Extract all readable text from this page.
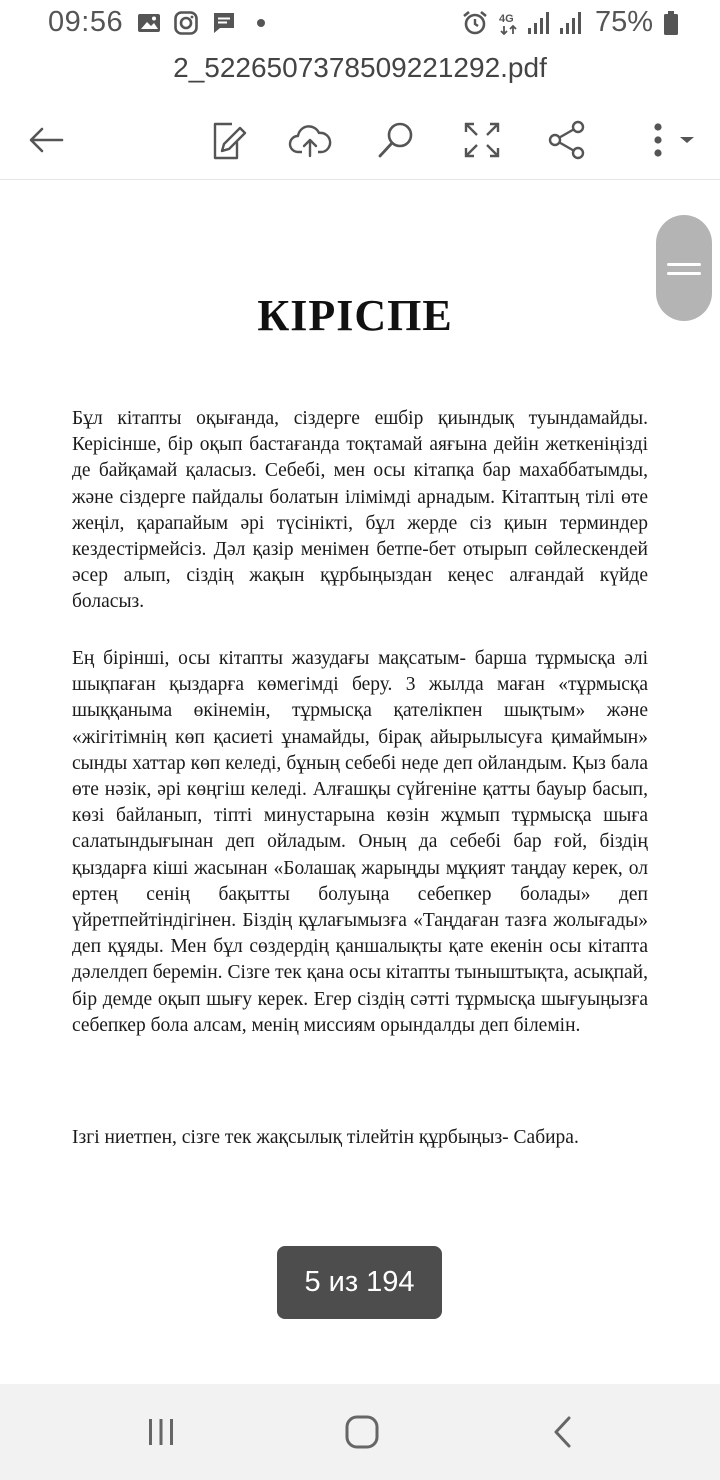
09:56	4G	75%
2_5226507378509221292.pdf
КІРІСПЕ

Бұл кітапты оқығанда, сіздерге ешбір қиындық туындамайды. Керісінше, бір оқып бастағанда тоқтамай аяғына дейін жеткеніңізді де байқамай қаласыз. Себебі, мен осы кітапқа бар махаббатымды, және сіздерге пайдалы болатын ілімімді арнадым. Кітаптың тілі өте жеңіл, қарапайым әрі түсінікті, бұл жерде сіз қиын терминдер кездестірмейсіз. Дәл қазір менімен бетпе-бет отырып сөйлескендей әсер алып, сіздің жақын құрбыңыздан кеңес алғандай күйде боласыз.

Ең бірінші, осы кітапты жазудағы мақсатым- барша тұрмысқа әлі шықпаған қыздарға көмегімді беру. 3 жылда маған «тұрмысқа шыққаныма өкінемін, тұрмысқа қателікпен шықтым» және «жігітімнің көп қасиеті ұнамайды, бірақ айырылысуға қимаймын» сынды хаттар көп келеді, бұның себебі неде деп ойландым. Қыз бала өте нәзік, әрі көңгіш келеді. Алғашқы сүйгеніне қатты бауыр басып, көзі байланып, тіпті минустарына көзін жұмып тұрмысқа шыға салатындығынан деп ойладым. Оның да себебі бар ғой, біздің қыздарға кіші жасынан «Болашақ жарыңды мұқият таңдау керек, ол ертең сенің бақытты болуыңа себепкер болады» деп үйретпейтіндігінен. Біздің құлағымызға «Таңдаған тазға жолығады» деп құяды. Мен бұл сөздердің қаншалықты қате екенін осы кітапта дәлелдеп беремін. Сізге тек қана осы кітапты тыныштықта, асықпай, бір демде оқып шығу керек. Егер сіздің сәтті тұрмысқа шығуыңызға себепкер бола алсам, менің миссиям орындалды деп білемін.

Ізгі ниетпен, сізге тек жақсылық тілейтін құрбыңыз- Сабира.

5 из 194
